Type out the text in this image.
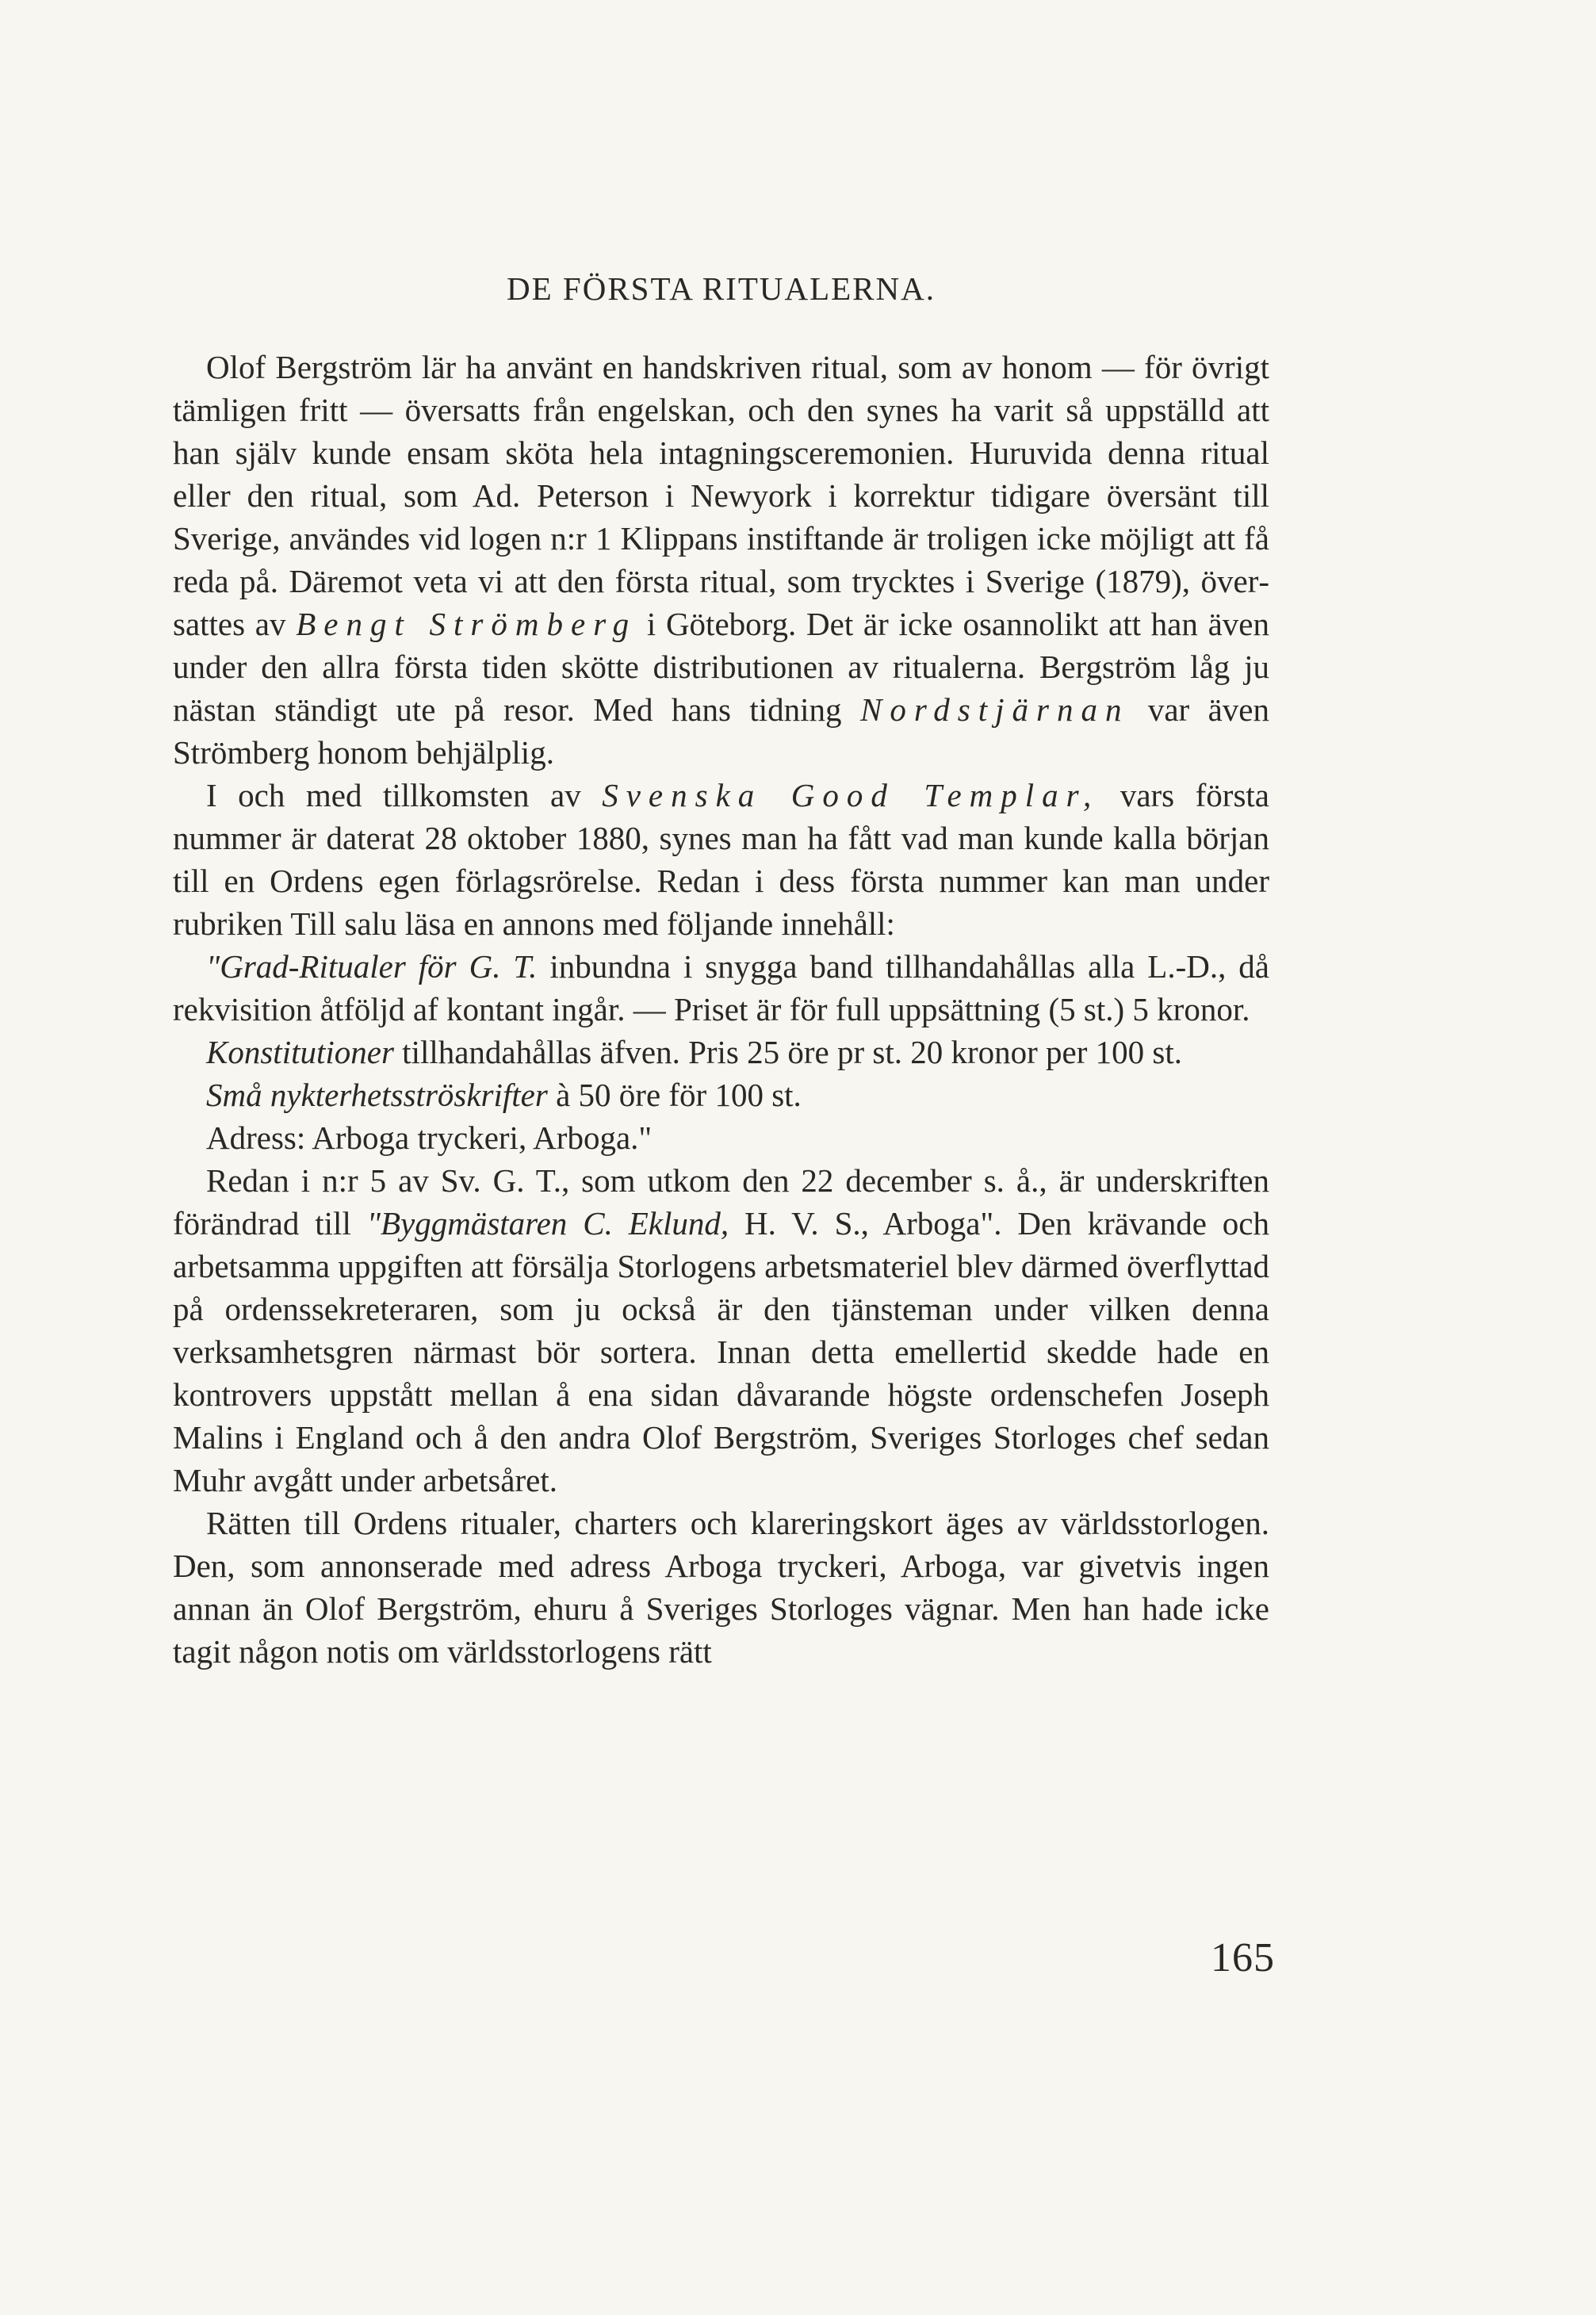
DE FÖRSTA RITUALERNA.

Olof Bergström lär ha använt en handskriven ritual, som av honom — för övrigt tämligen fritt — översatts från engelskan, och den synes ha varit så uppställd att han själv kunde ensam sköta hela intagningsceremonien. Huruvida denna ritual eller den ritual, som Ad. Peterson i Newyork i korrektur tidigare översänt till Sverige, användes vid logen n:r 1 Klippans instiftande är troligen icke möjligt att få reda på. Däremot veta vi att den första ritual, som trycktes i Sverige (1879), översattes av Bengt Strömberg i Göteborg. Det är icke osannolikt att han även under den allra första tiden skötte distributionen av ritualerna. Bergström låg ju nästan ständigt ute på resor. Med hans tidning Nordstjärnan var även Strömberg honom behjälplig.

I och med tillkomsten av Svenska Good Templar, vars första nummer är daterat 28 oktober 1880, synes man ha fått vad man kunde kalla början till en Ordens egen förlagsrörelse. Redan i dess första nummer kan man under rubriken Till salu läsa en annons med följande innehåll:

"Grad-Ritualer för G. T. inbundna i snygga band tillhandahållas alla L.-D., då rekvisition åtföljd af kontant ingår. — Priset är för full uppsättning (5 st.) 5 kronor.

Konstitutioner tillhandahållas äfven. Pris 25 öre pr st. 20 kronor per 100 st.

Små nykterhetsströskrifter à 50 öre för 100 st.

Adress: Arboga tryckeri, Arboga."

Redan i n:r 5 av Sv. G. T., som utkom den 22 december s. å., är underskriften förändrad till "Byggmästaren C. Eklund, H. V. S., Arboga". Den krävande och arbetsamma uppgiften att försälja Storlogens arbetsmateriel blev därmed överflyttad på ordenssekreteraren, som ju också är den tjänsteman under vilken denna verksamhetsgren närmast bör sortera. Innan detta emellertid skedde hade en kontrovers uppstått mellan å ena sidan dåvarande högste ordenschefen Joseph Malins i England och å den andra Olof Bergström, Sveriges Storloges chef sedan Muhr avgått under arbetsåret.

Rätten till Ordens ritualer, charters och klareringskort äges av världsstorlogen. Den, som annonserade med adress Arboga tryckeri, Arboga, var givetvis ingen annan än Olof Bergström, ehuru å Sveriges Storloges vägnar. Men han hade icke tagit någon notis om världsstorlogens rätt

165
